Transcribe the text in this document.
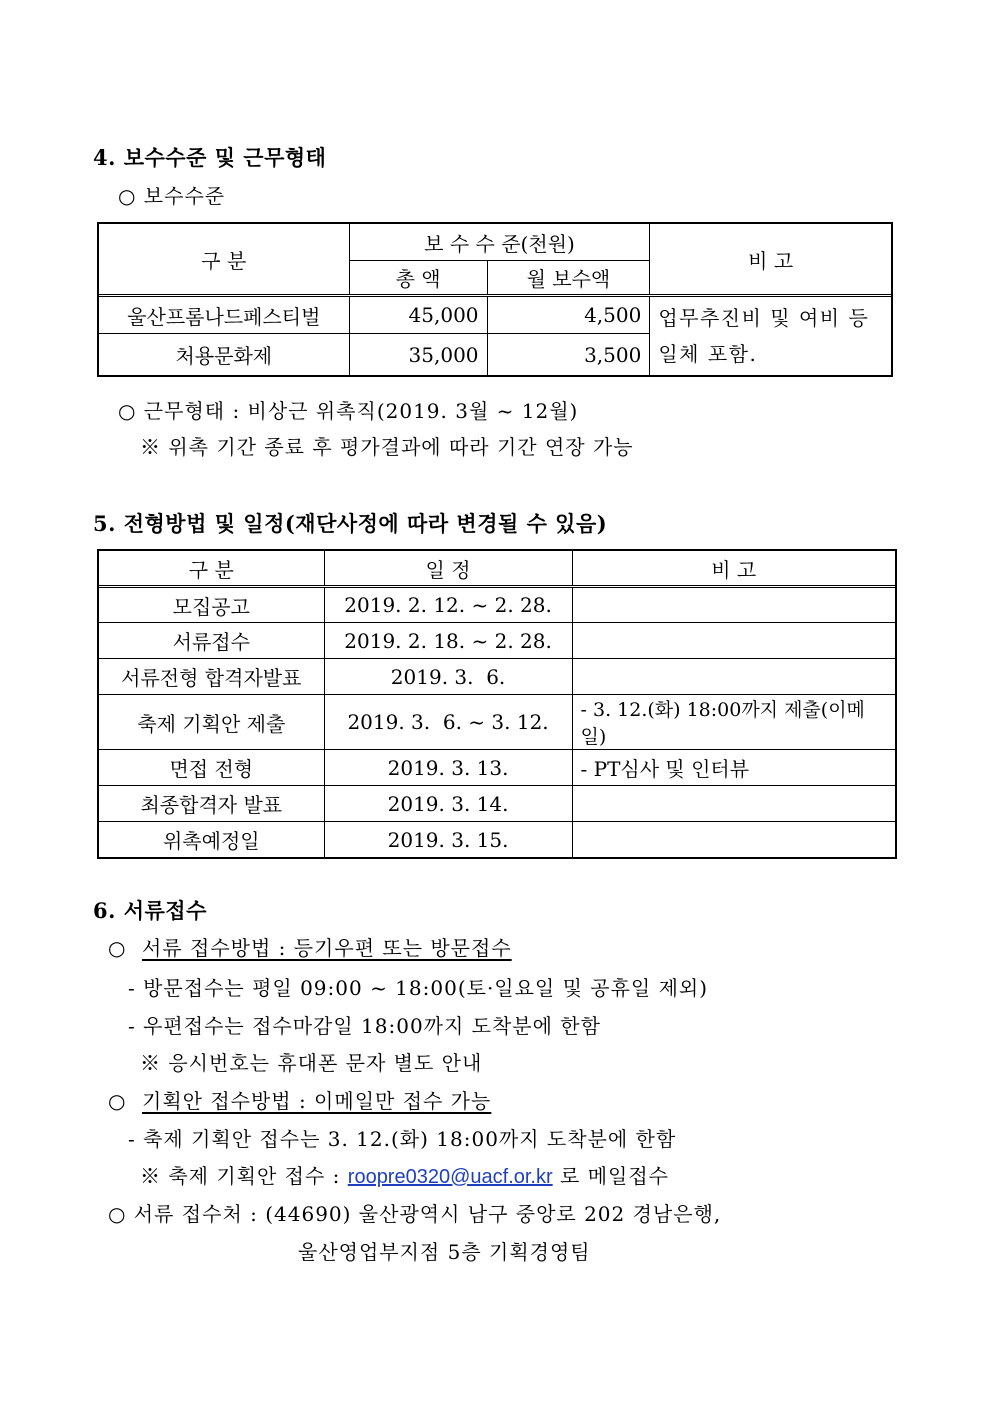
4. 보수수준 및 근무형태
○ 보수수준
구 분	보 수 수 준(천원)		비 고
	총 액	월 보수액	
울산프롬나드페스티벌	45,000	4,500	업무추진비 및 여비 등
일체 포함.

처용문화제	35,000	3,500	
○ 근무형태 : 비상근 위촉직(2019. 3월 ~ 12월)
※ 위촉 기간 종료 후 평가결과에 따라 기간 연장 가능
5. 전형방법 및 일정(재단사정에 따라 변경될 수 있음)
구 분	일 정	비 고
모집공고	2019. 2. 12. ~ 2. 28.	
서류접수	2019. 2. 18. ~ 2. 28.	
서류전형 합격자발표	2019. 3.  6.	
축제 기획안 제출	2019. 3.  6. ~ 3. 12.	- 3. 12.(화) 18:00까지 제출(이메일)
면접 전형	2019. 3. 13.	- PT심사 및 인터뷰
최종합격자 발표	2019. 3. 14.	
위촉예정일	2019. 3. 15.	
6. 서류접수
○ 서류 접수방법 : 등기우편 또는 방문접수
- 방문접수는 평일 09:00 ~ 18:00(토·일요일 및 공휴일 제외)
- 우편접수는 접수마감일 18:00까지 도착분에 한함
※ 응시번호는 휴대폰 문자 별도 안내
○ 기획안 접수방법 : 이메일만 접수 가능
- 축제 기획안 접수는 3. 12.(화) 18:00까지 도착분에 한함
※ 축제 기획안 접수 : roopre0320@uacf.or.kr 로 메일접수
○ 서류 접수처 : (44690) 울산광역시 남구 중앙로 202 경남은행,
울산영업부지점 5층 기획경영팀
